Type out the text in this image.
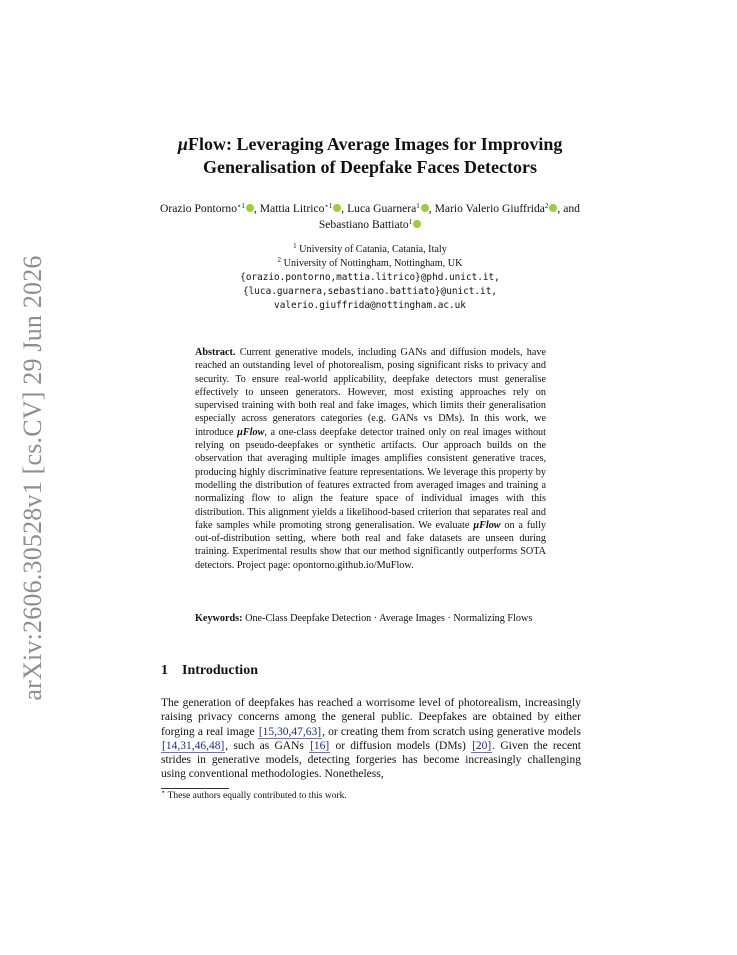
arXiv:2606.30528v1 [cs.CV] 29 Jun 2026
µFlow: Leveraging Average Images for Improving
Generalisation of Deepfake Faces Detectors
Orazio Pontorno$^{⋆1}$ , Mattia Litrico$^{⋆1}$ , Luca Guarnera$^1$ , Mario Valerio Giuffrida$^2$ , and Sebastiano Battiato$^1$
$^1$ University of Catania, Catania, Italy
$^2$ University of Nottingham, Nottingham, UK
{orazio.pontorno,mattia.litrico}@phd.unict.it,
{luca.guarnera,sebastiano.battiato}@unict.it,
valerio.giuffrida@nottingham.ac.uk
Abstract. Current generative models, including GANs and diffusion models, have reached an outstanding level of photorealism, posing significant risks to privacy and security. To ensure real-world applicability, deepfake detectors must generalise effectively to unseen generators. However, most existing approaches rely on supervised training with both real and fake images, which limits their generalisation especially across generators categories (e.g. GANs vs DMs). In this work, we introduce µFlow, a one-class deepfake detector trained only on real images without relying on pseudo-deepfakes or synthetic artifacts. Our approach builds on the observation that averaging multiple images amplifies consistent generative traces, producing highly discriminative feature representations. We leverage this property by modelling the distribution of features extracted from averaged images and training a normalizing flow to align the feature space of individual images with this distribution. This alignment yields a likelihood-based criterion that separates real and fake samples while promoting strong generalisation. We evaluate µFlow on a fully out-of-distribution setting, where both real and fake datasets are unseen during training. Experimental results show that our method significantly outperforms SOTA detectors. Project page: opontorno.github.io/MuFlow.
Keywords: One-Class Deepfake Detection · Average Images · Normalizing Flows
1 Introduction
The generation of deepfakes has reached a worrisome level of photorealism, increasingly raising privacy concerns among the general public. Deepfakes are obtained by either forging a real image [15,30,47,63], or creating them from scratch using generative models [14,31,46,48], such as GANs [16] or diffusion models (DMs) [20]. Given the recent strides in generative models, detecting forgeries has become increasingly challenging using conventional methodologies. Nonetheless,
⋆ These authors equally contributed to this work.
